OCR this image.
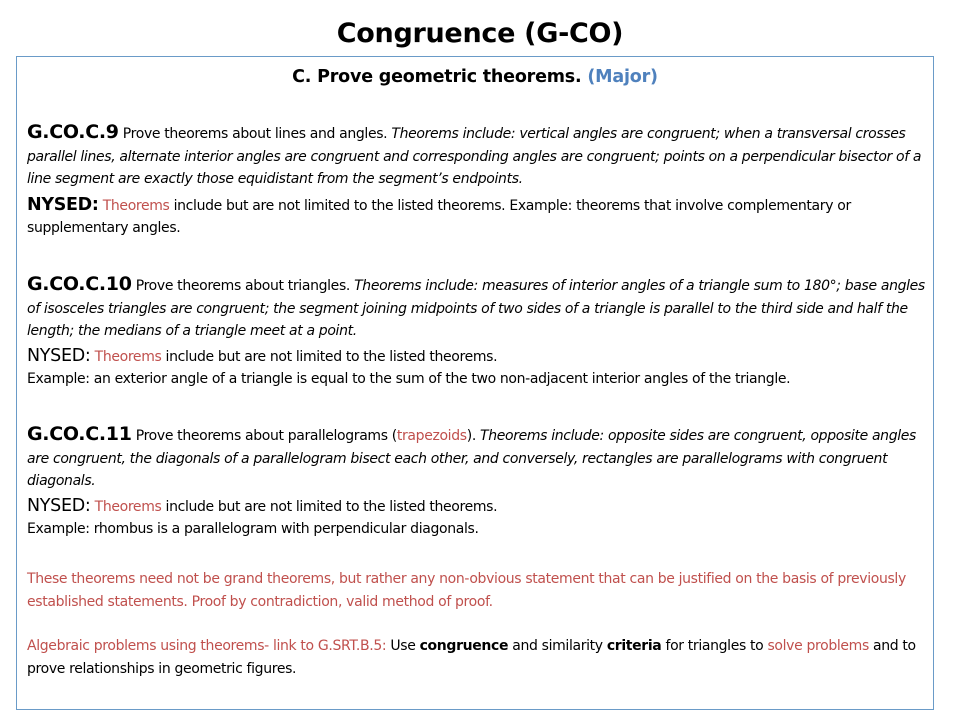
Congruence (G-CO)
C. Prove geometric theorems. (Major)

G.CO.C.9 Prove theorems about lines and angles. Theorems include: vertical angles are congruent; when a transversal crosses parallel lines, alternate interior angles are congruent and corresponding angles are congruent; points on a perpendicular bisector of a line segment are exactly those equidistant from the segment’s endpoints.

NYSED: Theorems include but are not limited to the listed theorems. Example: theorems that involve complementary or supplementary angles.

G.CO.C.10 Prove theorems about triangles. Theorems include: measures of interior angles of a triangle sum to 180°; base angles of isosceles triangles are congruent; the segment joining midpoints of two sides of a triangle is parallel to the third side and half the length; the medians of a triangle meet at a point.

NYSED: Theorems include but are not limited to the listed theorems.

Example: an exterior angle of a triangle is equal to the sum of the two non-adjacent interior angles of the triangle.

G.CO.C.11 Prove theorems about parallelograms (trapezoids). Theorems include: opposite sides are congruent, opposite angles are congruent, the diagonals of a parallelogram bisect each other, and conversely, rectangles are parallelograms with congruent diagonals.

NYSED: Theorems include but are not limited to the listed theorems.

Example: rhombus is a parallelogram with perpendicular diagonals.

These theorems need not be grand theorems, but rather any non-obvious statement that can be justified on the basis of previously established statements. Proof by contradiction, valid method of proof.
Algebraic problems using theorems- link to G.SRT.B.5: Use congruence and similarity criteria for triangles to solve problems and to prove relationships in geometric figures.
